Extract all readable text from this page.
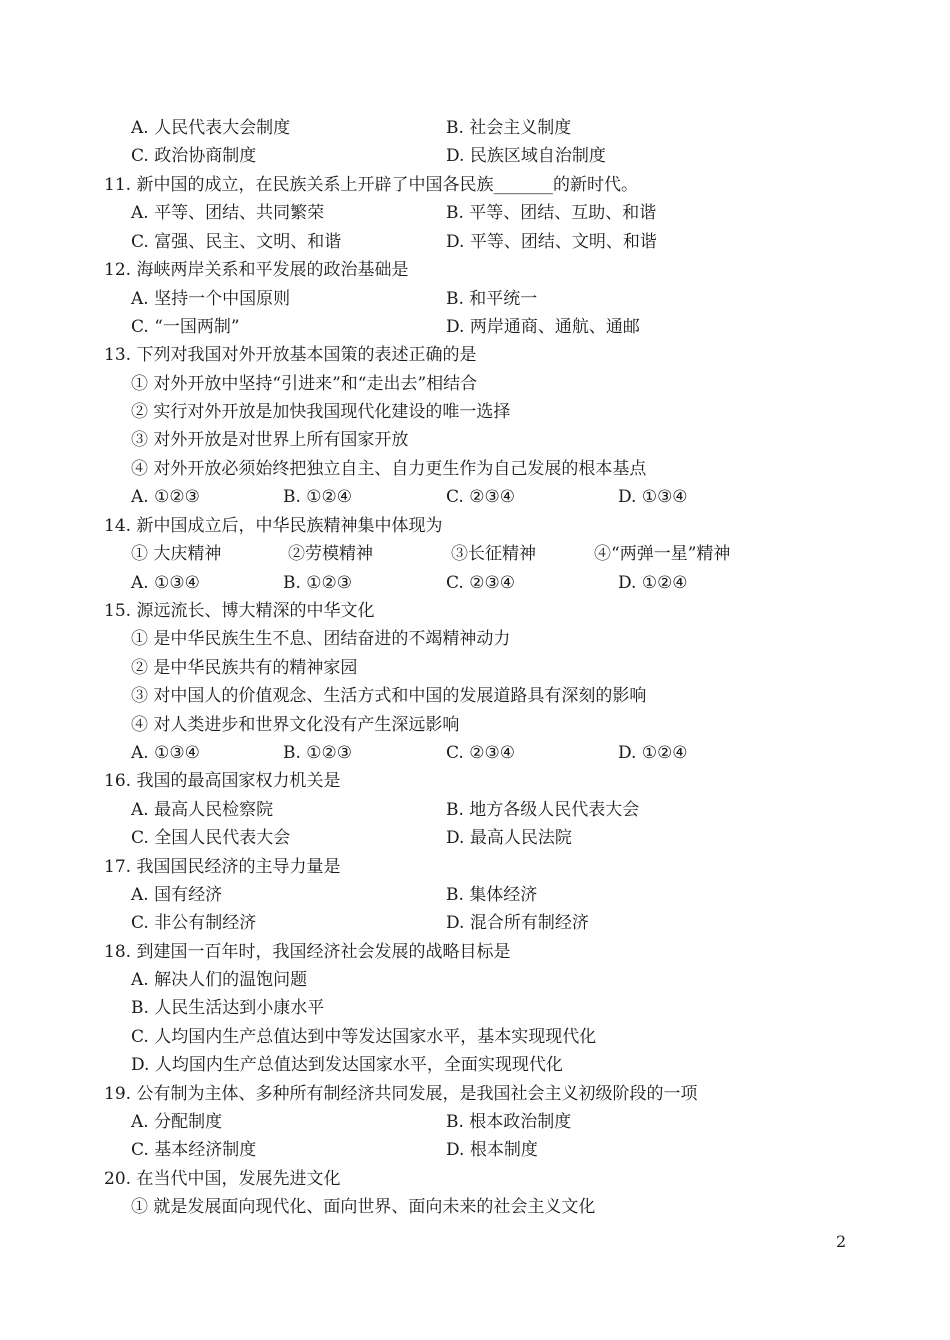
A. 人民代表大会制度	B. 社会主义制度
C. 政治协商制度	D. 民族区域自治制度
11. 新中国的成立，在民族关系上开辟了中国各民族_______的新时代。
A. 平等、团结、共同繁荣	B. 平等、团结、互助、和谐
C. 富强、民主、文明、和谐	D. 平等、团结、文明、和谐
12. 海峡两岸关系和平发展的政治基础是
A. 坚持一个中国原则	B. 和平统一
C. “一国两制”	D. 两岸通商、通航、通邮
13. 下列对我国对外开放基本国策的表述正确的是
① 对外开放中坚持“引进来”和“走出去”相结合
② 实行对外开放是加快我国现代化建设的唯一选择
③ 对外开放是对世界上所有国家开放
④ 对外开放必须始终把独立自主、自力更生作为自己发展的根本基点
A. ①②③	B. ①②④	C. ②③④	D. ①③④
14. 新中国成立后，中华民族精神集中体现为
① 大庆精神	②劳模精神	③长征精神	④“两弹一星”精神
A. ①③④	B. ①②③	C. ②③④	D. ①②④
15. 源远流长、博大精深的中华文化
① 是中华民族生生不息、团结奋进的不竭精神动力
② 是中华民族共有的精神家园
③ 对中国人的价值观念、生活方式和中国的发展道路具有深刻的影响
④ 对人类进步和世界文化没有产生深远影响
A. ①③④	B. ①②③	C. ②③④	D. ①②④
16. 我国的最高国家权力机关是
A. 最高人民检察院	B. 地方各级人民代表大会
C. 全国人民代表大会	D. 最高人民法院
17. 我国国民经济的主导力量是
A. 国有经济	B. 集体经济
C. 非公有制经济	D. 混合所有制经济
18. 到建国一百年时，我国经济社会发展的战略目标是
A. 解决人们的温饱问题
B. 人民生活达到小康水平
C. 人均国内生产总值达到中等发达国家水平，基本实现现代化
D. 人均国内生产总值达到发达国家水平，全面实现现代化
19. 公有制为主体、多种所有制经济共同发展，是我国社会主义初级阶段的一项
A. 分配制度	B. 根本政治制度
C. 基本经济制度	D. 根本制度
20. 在当代中国，发展先进文化
① 就是发展面向现代化、面向世界、面向未来的社会主义文化
2
